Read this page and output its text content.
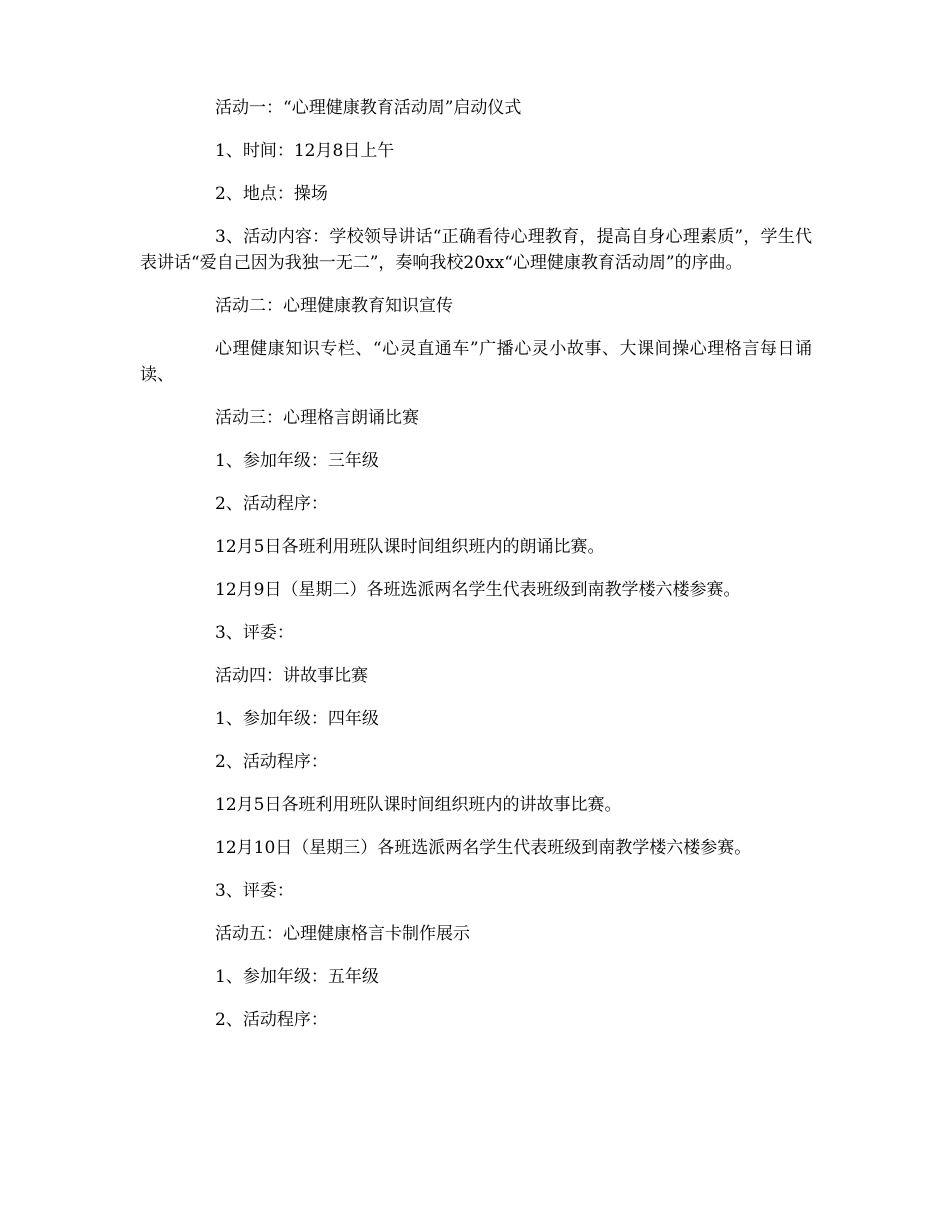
活动一：“心理健康教育活动周”启动仪式

1、时间：12月8日上午

2、地点：操场

3、活动内容：学校领导讲话“正确看待心理教育，提高自身心理素质”，学生代表讲话“爱自己因为我独一无二”，奏响我校20xx“心理健康教育活动周”的序曲。

活动二：心理健康教育知识宣传

心理健康知识专栏、“心灵直通车”广播心灵小故事、大课间操心理格言每日诵读、

活动三：心理格言朗诵比赛

1、参加年级：三年级

2、活动程序：

12月5日各班利用班队课时间组织班内的朗诵比赛。

12月9日（星期二）各班选派两名学生代表班级到南教学楼六楼参赛。

3、评委：

活动四：讲故事比赛

1、参加年级：四年级

2、活动程序：

12月5日各班利用班队课时间组织班内的讲故事比赛。

12月10日（星期三）各班选派两名学生代表班级到南教学楼六楼参赛。

3、评委：

活动五：心理健康格言卡制作展示

1、参加年级：五年级

2、活动程序：
